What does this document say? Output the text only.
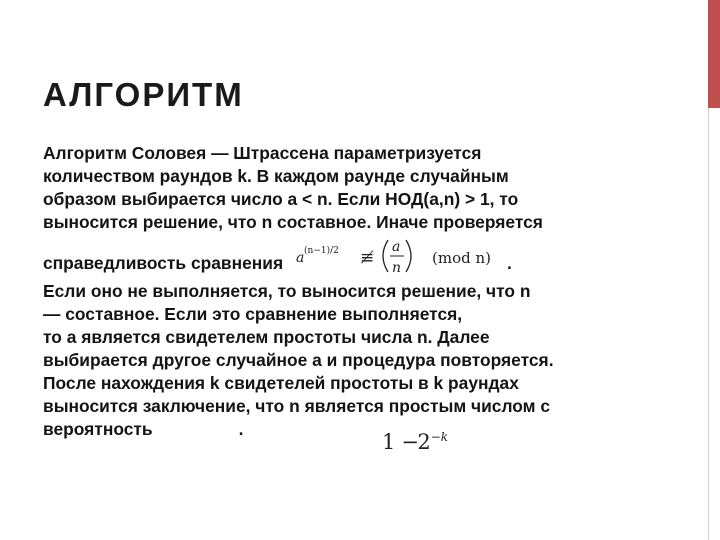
АЛГОРИТМ
Алгоритм Соловея — Штрассена параметризуется
количеством раундов k. В каждом раунде случайным
образом выбирается число a < n. Если НОД(a,n) > 1, то
выносится решение, что n составное. Иначе проверяется
справедливость сравнения a (n−1)/2 ≢
a
n
(mod n) .
Если оно не выполняется, то выносится решение, что n
— составное. Если это сравнение выполняется,
то a является свидетелем простоты числа n. Далее
выбирается другое случайное a и процедура повторяется.
После нахождения k свидетелей простоты в k раундах
выносится заключение, что n является простым числом с
вероятность	.
$1 -2^{-k}$
